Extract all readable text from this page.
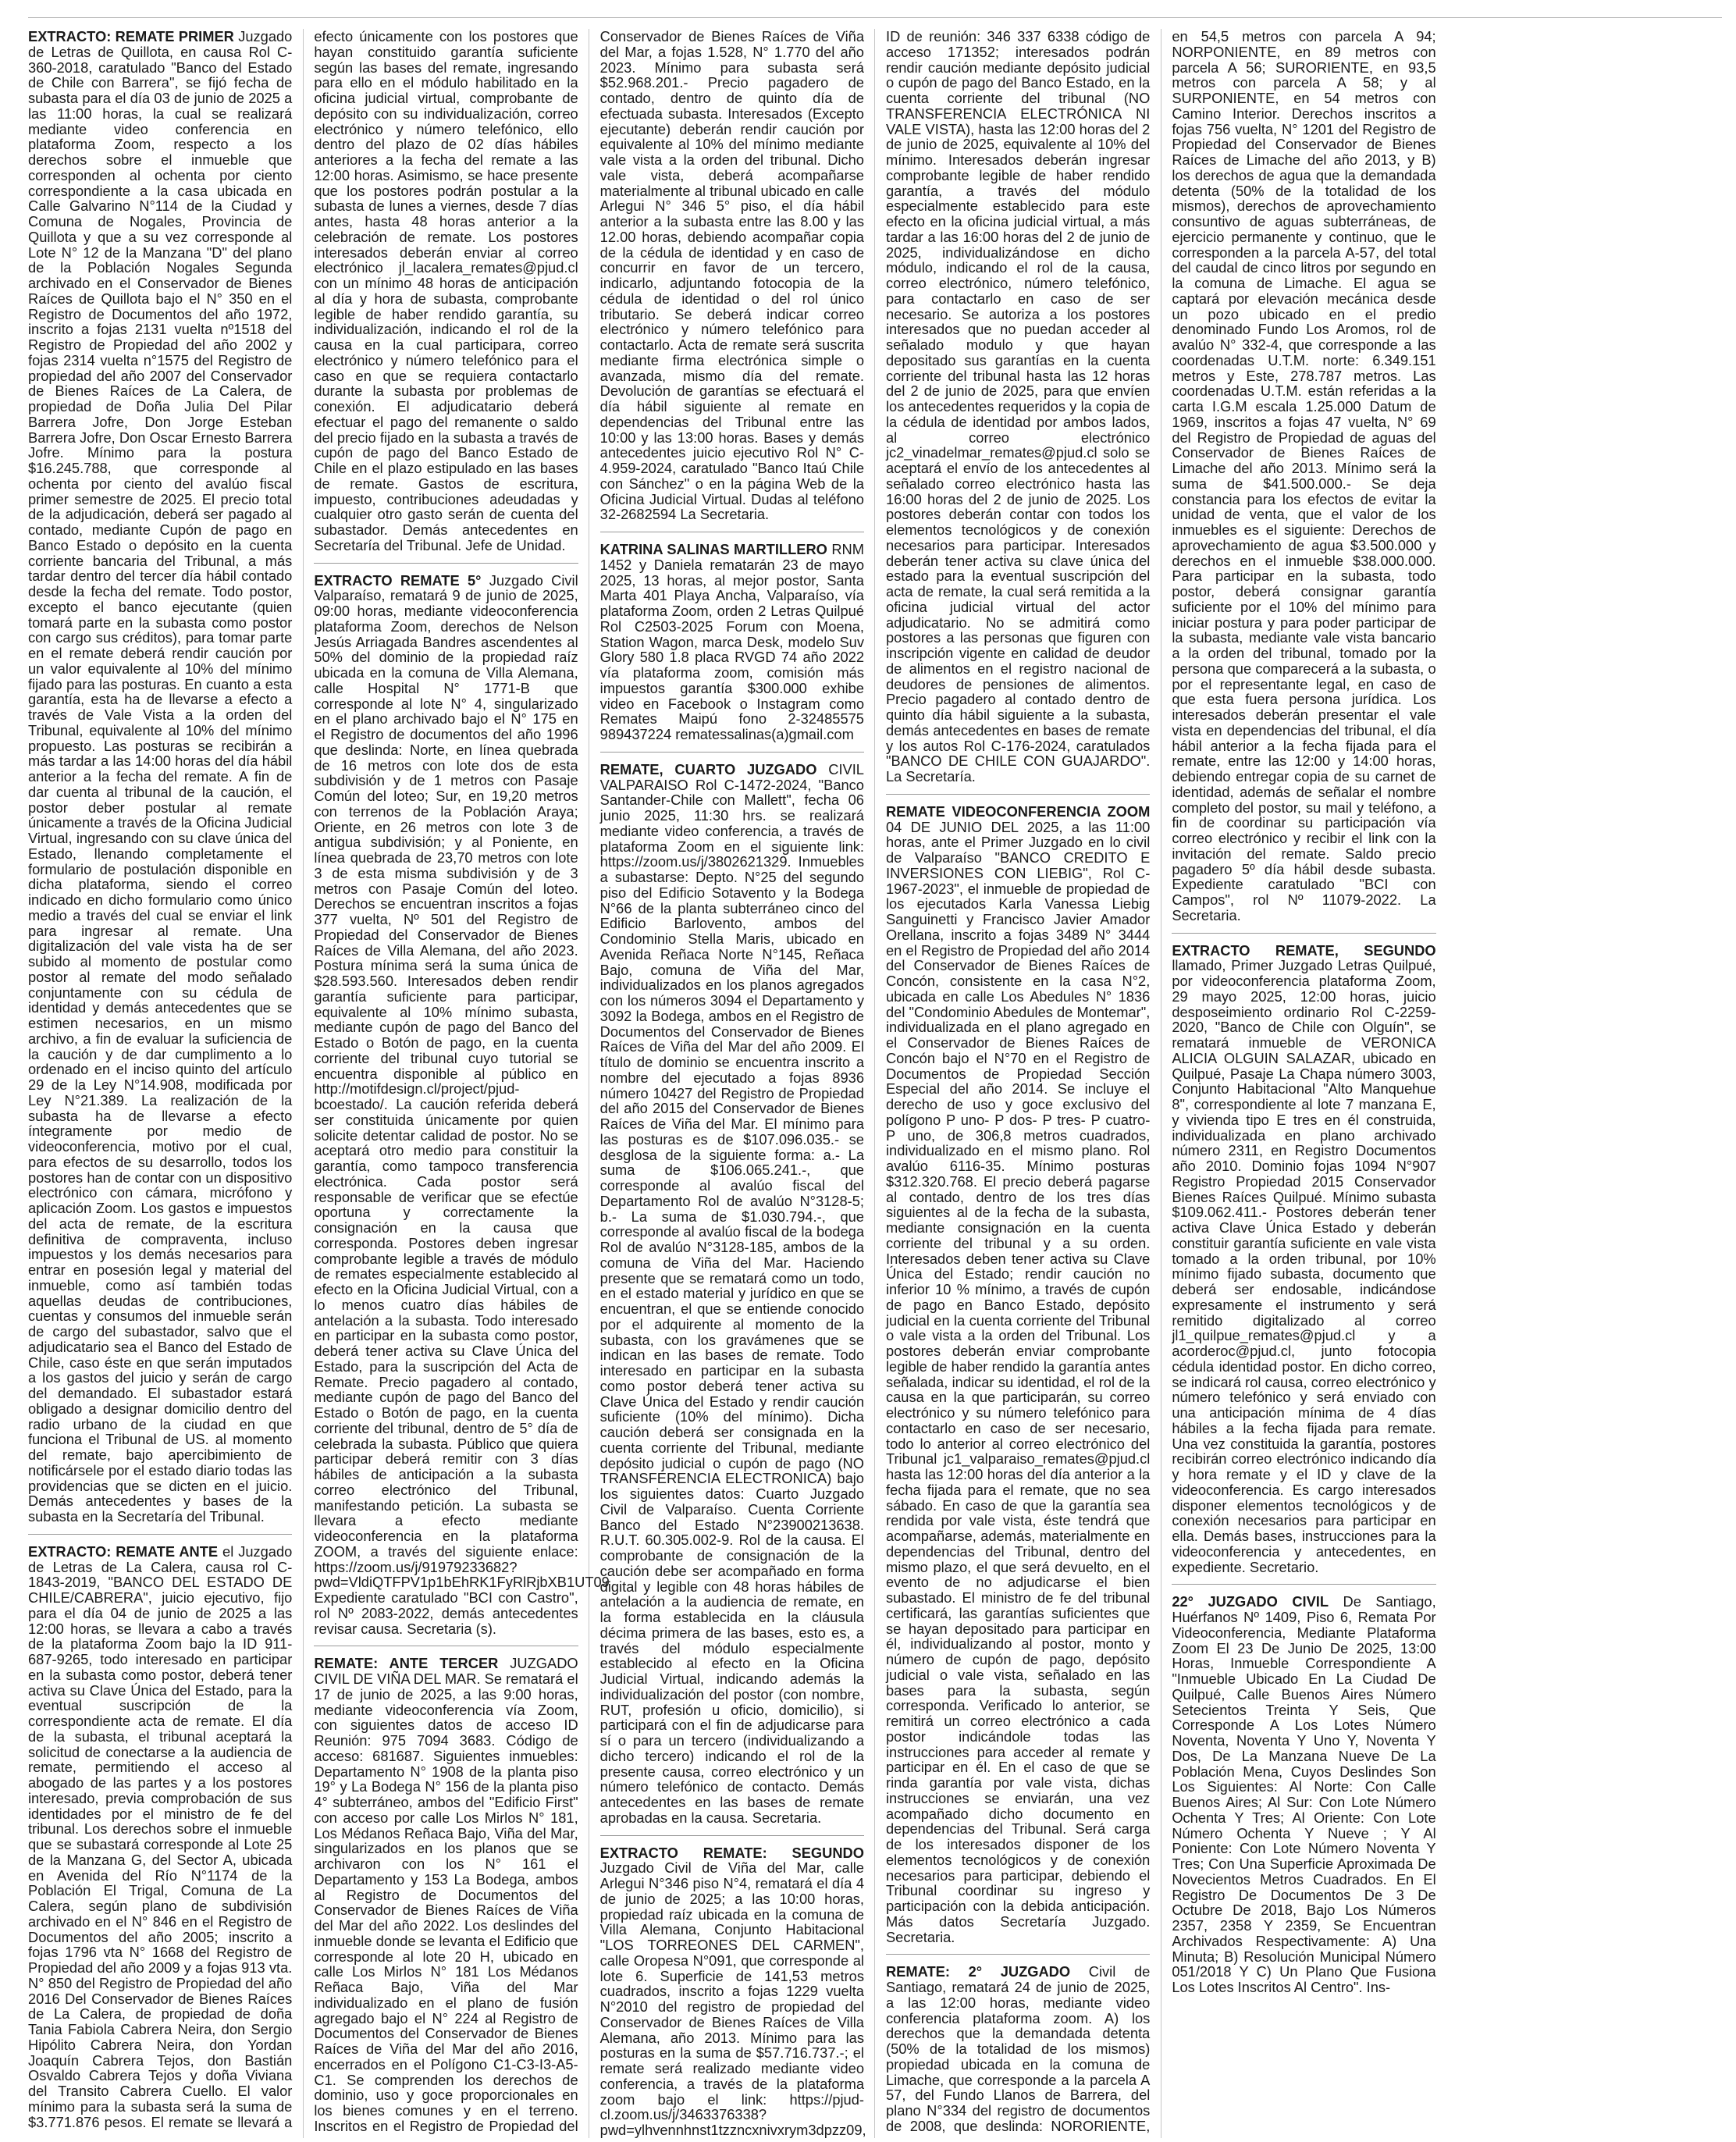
EXTRACTO: REMATE PRIMER Juzgado de Letras de Quillota, en causa Rol C-360-2018, caratulado "Banco del Estado de Chile con Barrera", se fijó fecha de subasta para el día 03 de junio de 2025 a las 11:00 horas, la cual se realizará mediante video conferencia en plataforma Zoom, respecto a los derechos sobre el inmueble que corresponden al ochenta por ciento correspondiente a la casa ubicada en Calle Galvarino N°114 de la Ciudad y Comuna de Nogales, Provincia de Quillota y que a su vez corresponde al Lote N° 12 de la Manzana "D" del plano de la Población Nogales Segunda archivado en el Conservador de Bienes Raíces de Quillota bajo el N° 350 en el Registro de Documentos del año 1972, inscrito a fojas 2131 vuelta nº1518 del Registro de Propiedad del año 2002 y fojas 2314 vuelta n°1575 del Registro de propiedad del año 2007 del Conservador de Bienes Raíces de La Calera, de propiedad de Doña Julia Del Pilar Barrera Jofre, Don Jorge Esteban Barrera Jofre, Don Oscar Ernesto Barrera Jofre. Mínimo para la postura $16.245.788, que corresponde al ochenta por ciento del avalúo fiscal primer semestre de 2025. El precio total de la adjudicación, deberá ser pagado al contado, mediante Cupón de pago en Banco Estado o depósito en la cuenta corriente bancaria del Tribunal, a más tardar dentro del tercer día hábil contado desde la fecha del remate. Todo postor, excepto el banco ejecutante (quien tomará parte en la subasta como postor con cargo sus créditos), para tomar parte en el remate deberá rendir caución por un valor equivalente al 10% del mínimo fijado para las posturas. En cuanto a esta garantía, esta ha de llevarse a efecto a través de Vale Vista a la orden del Tribunal, equivalente al 10% del mínimo propuesto. Las posturas se recibirán a más tardar a las 14:00 horas del día hábil anterior a la fecha del remate. A fin de dar cuenta al tribunal de la caución, el postor deber postular al remate únicamente a través de la Oficina Judicial Virtual, ingresando con su clave única del Estado, llenando completamente el formulario de postulación disponible en dicha plataforma, siendo el correo indicado en dicho formulario como único medio a través del cual se enviar el link para ingresar al remate. Una digitalización del vale vista ha de ser subido al momento de postular como postor al remate del modo señalado conjuntamente con su cédula de identidad y demás antecedentes que se estimen necesarios, en un mismo archivo, a fin de evaluar la suficiencia de la caución y de dar cumplimento a lo ordenado en el inciso quinto del artículo 29 de la Ley N°14.908, modificada por Ley N°21.389. La realización de la subasta ha de llevarse a efecto íntegramente por medio de videoconferencia, motivo por el cual, para efectos de su desarrollo, todos los postores han de contar con un dispositivo electrónico con cámara, micrófono y aplicación Zoom. Los gastos e impuestos del acta de remate, de la escritura definitiva de compraventa, incluso impuestos y los demás necesarios para entrar en posesión legal y material del inmueble, como así también todas aquellas deudas de contribuciones, cuentas y consumos del inmueble serán de cargo del subastador, salvo que el adjudicatario sea el Banco del Estado de Chile, caso éste en que serán imputados a los gastos del juicio y serán de cargo del demandado. El subastador estará obligado a designar domicilio dentro del radio urbano de la ciudad en que funciona el Tribunal de US. al momento del remate, bajo apercibimiento de notificársele por el estado diario todas las providencias que se dicten en el juicio. Demás antecedentes y bases de la subasta en la Secretaría del Tribunal.

EXTRACTO: REMATE ANTE el Juzgado de Letras de La Calera, causa rol C-1843-2019, "BANCO DEL ESTADO DE CHILE/CABRERA", juicio ejecutivo, fijo para el día 04 de junio de 2025 a las 12:00 horas, se llevara a cabo a través de la plataforma Zoom bajo la ID 911-687-9265, todo interesado en participar en la subasta como postor, deberá tener activa su Clave Única del Estado, para la eventual suscripción de la correspondiente acta de remate. El día de la subasta, el tribunal aceptará la solicitud de conectarse a la audiencia de remate, permitiendo el acceso al abogado de las partes y a los postores interesado, previa comprobación de sus identidades por el ministro de fe del tribunal. Los derechos sobre el inmueble que se subastará corresponde al Lote 25 de la Manzana G, del Sector A, ubicada en Avenida del Río N°1174 de la Población El Trigal, Comuna de La Calera, según plano de subdivisión archivado en el N° 846 en el Registro de Documentos del año 2005; inscrito a fojas 1796 vta N° 1668 del Registro de Propiedad del año 2009 y a fojas 913 vta. N° 850 del Registro de Propiedad del año 2016 Del Conservador de Bienes Raíces de La Calera, de propiedad de doña Tania Fabiola Cabrera Neira, don Sergio Hipólito Cabrera Neira, don Yordan Joaquín Cabrera Tejos, don Bastián Osvaldo Cabrera Tejos y doña Viviana del Transito Cabrera Cuello. El valor mínimo para la subasta será la suma de $3.771.876 pesos. El remate se llevará a efecto únicamente con los postores que hayan constituido garantía suficiente según las bases del remate, ingresando para ello en el módulo habilitado en la oficina judicial virtual, comprobante de depósito con su individualización, correo electrónico y número telefónico, ello dentro del plazo de 02 días hábiles anteriores a la fecha del remate a las 12:00 horas. Asimismo, se hace presente que los postores podrán postular a la subasta de lunes a viernes, desde 7 días antes, hasta 48 horas anterior a la celebración de remate. Los postores interesados deberán enviar al correo electrónico jl_lacalera_remates@pjud.cl con un mínimo 48 horas de anticipación al día y hora de subasta, comprobante legible de haber rendido garantía, su individualización, indicando el rol de la causa en la cual participara, correo electrónico y número telefónico para el caso en que se requiera contactarlo durante la subasta por problemas de conexión. El adjudicatario deberá efectuar el pago del remanente o saldo del precio fijado en la subasta a través de cupón de pago del Banco Estado de Chile en el plazo estipulado en las bases de remate. Gastos de escritura, impuesto, contribuciones adeudadas y cualquier otro gasto serán de cuenta del subastador. Demás antecedentes en Secretaría del Tribunal. Jefe de Unidad.

EXTRACTO REMATE 5° Juzgado Civil Valparaíso, rematará 9 de junio de 2025, 09:00 horas, mediante videoconferencia plataforma Zoom, derechos de Nelson Jesús Arriagada Bandres ascendentes al 50% del dominio de la propiedad raíz ubicada en la comuna de Villa Alemana, calle Hospital N° 1771-B que corresponde al lote N° 4, singularizado en el plano archivado bajo el N° 175 en el Registro de documentos del año 1996 que deslinda: Norte, en línea quebrada de 16 metros con lote dos de esta subdivisión y de 1 metros con Pasaje Común del loteo; Sur, en 19,20 metros con terrenos de la Población Araya; Oriente, en 26 metros con lote 3 de antigua subdivisión; y al Poniente, en línea quebrada de 23,70 metros con lote 3 de esta misma subdivisión y de 3 metros con Pasaje Común del loteo. Derechos se encuentran inscritos a fojas 377 vuelta, Nº 501 del Registro de Propiedad del Conservador de Bienes Raíces de Villa Alemana, del año 2023. Postura mínima será la suma única de $28.593.560. Interesados deben rendir garantía suficiente para participar, equivalente al 10% mínimo subasta, mediante cupón de pago del Banco del Estado o Botón de pago, en la cuenta corriente del tribunal cuyo tutorial se encuentra disponible al público en http://motifdesign.cl/project/pjud-bcoestado/. La caución referida deberá ser constituida únicamente por quien solicite detentar calidad de postor. No se aceptará otro medio para constituir la garantía, como tampoco transferencia electrónica. Cada postor será responsable de verificar que se efectúe oportuna y correctamente la consignación en la causa que corresponda. Postores deben ingresar comprobante legible a través de módulo de remates especialmente establecido al efecto en la Oficina Judicial Virtual, con a lo menos cuatro días hábiles de antelación a la subasta. Todo interesado en participar en la subasta como postor, deberá tener activa su Clave Única del Estado, para la suscripción del Acta de Remate. Precio pagadero al contado, mediante cupón de pago del Banco del Estado o Botón de pago, en la cuenta corriente del tribunal, dentro de 5° día de celebrada la subasta. Público que quiera participar deberá remitir con 3 días hábiles de anticipación a la subasta correo electrónico del Tribunal, manifestando petición. La subasta se llevara a efecto mediante videoconferencia en la plataforma ZOOM, a través del siguiente enlace: https://zoom.us/j/91979233682?pwd=VldiQTFPV1p1bEhRK1FyRlRjbXB1UT09 Expediente caratulado "BCI con Castro", rol Nº 2083-2022, demás antecedentes revisar causa. Secretaria (s).

REMATE: ANTE TERCER JUZGADO CIVIL DE VIÑA DEL MAR. Se rematará el 17 de junio de 2025, a las 9:00 horas, mediante videoconferencia vía Zoom, con siguientes datos de acceso ID Reunión: 975 7094 3683. Código de acceso: 681687. Siguientes inmuebles: Departamento N° 1908 de la planta piso 19° y La Bodega N° 156 de la planta piso 4° subterráneo, ambos del "Edificio First" con acceso por calle Los Mirlos N° 181, Los Médanos Reñaca Bajo, Viña del Mar, singularizados en los planos que se archivaron con los N° 161 el Departamento y 153 La Bodega, ambos al Registro de Documentos del Conservador de Bienes Raíces de Viña del Mar del año 2022. Los deslindes del inmueble donde se levanta el Edificio que corresponde al lote 20 H, ubicado en calle Los Mirlos N° 181 Los Médanos Reñaca Bajo, Viña del Mar individualizado en el plano de fusión agregado bajo el N° 224 al Registro de Documentos del Conservador de Bienes Raíces de Viña del Mar del año 2016, encerrados en el Polígono C1-C3-I3-A5-C1. Se comprenden los derechos de dominio, uso y goce proporcionales en los bienes comunes y en el terreno. Inscritos en el Registro de Propiedad del Conservador de Bienes Raíces de Viña del Mar, a fojas 1.528, N° 1.770 del año 2023. Mínimo para subasta será $52.968.201.- Precio pagadero de contado, dentro de quinto día de efectuada subasta. Interesados (Excepto ejecutante) deberán rendir caución por equivalente al 10% del mínimo mediante vale vista a la orden del tribunal. Dicho vale vista, deberá acompañarse materialmente al tribunal ubicado en calle Arlegui N° 346 5° piso, el día hábil anterior a la subasta entre las 8.00 y las 12.00 horas, debiendo acompañar copia de la cédula de identidad y en caso de concurrir en favor de un tercero, indicarlo, adjuntando fotocopia de la cédula de identidad o del rol único tributario. Se deberá indicar correo electrónico y número telefónico para contactarlo. Acta de remate será suscrita mediante firma electrónica simple o avanzada, mismo día del remate. Devolución de garantías se efectuará el día hábil siguiente al remate en dependencias del Tribunal entre las 10:00 y las 13:00 horas. Bases y demás antecedentes juicio ejecutivo Rol N° C-4.959-2024, caratulado "Banco Itaú Chile con Sánchez" o en la página Web de la Oficina Judicial Virtual. Dudas al teléfono 32-2682594 La Secretaria.

KATRINA SALINAS MARTILLERO RNM 1452 y Daniela rematarán 23 de mayo 2025, 13 horas, al mejor postor, Santa Marta 401 Playa Ancha, Valparaíso, vía plataforma Zoom, orden 2 Letras Quilpué Rol C2503-2025 Forum con Moena, Station Wagon, marca Desk, modelo Suv Glory 580 1.8 placa RVGD 74 año 2022 vía plataforma zoom, comisión más impuestos garantía $300.000 exhibe video en Facebook o Instagram como Remates Maipú fono 2-32485575 989437224 rematessalinas(a)gmail.com

REMATE, CUARTO JUZGADO CIVIL VALPARAISO Rol C-1472-2024, "Banco Santander-Chile con Mallett", fecha 06 junio 2025, 11:30 hrs. se realizará mediante video conferencia, a través de plataforma Zoom en el siguiente link: https://zoom.us/j/3802621329. Inmuebles a subastarse: Depto. N°25 del segundo piso del Edificio Sotavento y la Bodega N°66 de la planta subterráneo cinco del Edificio Barlovento, ambos del Condominio Stella Maris, ubicado en Avenida Reñaca Norte N°145, Reñaca Bajo, comuna de Viña del Mar, individualizados en los planos agregados con los números 3094 el Departamento y 3092 la Bodega, ambos en el Registro de Documentos del Conservador de Bienes Raíces de Viña del Mar del año 2009. El título de dominio se encuentra inscrito a nombre del ejecutado a fojas 8936 número 10427 del Registro de Propiedad del año 2015 del Conservador de Bienes Raíces de Viña del Mar. El mínimo para las posturas es de $107.096.035.- se desglosa de la siguiente forma: a.- La suma de $106.065.241.-, que corresponde al avalúo fiscal del Departamento Rol de avalúo N°3128-5; b.- La suma de $1.030.794.-, que corresponde al avalúo fiscal de la bodega Rol de avalúo N°3128-185, ambos de la comuna de Viña del Mar. Haciendo presente que se rematará como un todo, en el estado material y jurídico en que se encuentran, el que se entiende conocido por el adquirente al momento de la subasta, con los gravámenes que se indican en las bases de remate. Todo interesado en participar en la subasta como postor deberá tener activa su Clave Única del Estado y rendir caución suficiente (10% del mínimo). Dicha caución deberá ser consignada en la cuenta corriente del Tribunal, mediante depósito judicial o cupón de pago (NO TRANSFERENCIA ELECTRONICA) bajo los siguientes datos: Cuarto Juzgado Civil de Valparaíso. Cuenta Corriente Banco del Estado N°23900213638. R.U.T. 60.305.002-9. Rol de la causa. El comprobante de consignación de la caución debe ser acompañado en forma digital y legible con 48 horas hábiles de antelación a la audiencia de remate, en la forma establecida en la cláusula décima primera de las bases, esto es, a través del módulo especialmente establecido al efecto en la Oficina Judicial Virtual, indicando además la individualización del postor (con nombre, RUT, profesión u oficio, domicilio), si participará con el fin de adjudicarse para sí o para un tercero (individualizando a dicho tercero) indicando el rol de la presente causa, correo electrónico y un número telefónico de contacto. Demás antecedentes en las bases de remate aprobadas en la causa. Secretaria.

EXTRACTO REMATE: SEGUNDO Juzgado Civil de Viña del Mar, calle Arlegui N°346 piso N°4, rematará el día 4 de junio de 2025; a las 10:00 horas, propiedad raíz ubicada en la comuna de Villa Alemana, Conjunto Habitacional "LOS TORREONES DEL CARMEN", calle Oropesa N°091, que corresponde al lote 6. Superficie de 141,53 metros cuadrados, inscrito a fojas 1229 vuelta N°2010 del registro de propiedad del Conservador de Bienes Raíces de Villa Alemana, año 2013. Mínimo para las posturas en la suma de $57.716.737.-; el remate será realizado mediante video conferencia, a través de la plataforma zoom bajo el link: https://pjud-cl.zoom.us/j/3463376338?pwd=ylhvennhnst1tzzncxnivxrym3dpzz09, ID de reunión: 346 337 6338 código de acceso 171352; interesados podrán rendir caución mediante depósito judicial o cupón de pago del Banco Estado, en la cuenta corriente del tribunal (NO TRANSFERENCIA ELECTRÓNICA NI VALE VISTA), hasta las 12:00 horas del 2 de junio de 2025, equivalente al 10% del mínimo. Interesados deberán ingresar comprobante legible de haber rendido garantía, a través del módulo especialmente establecido para este efecto en la oficina judicial virtual, a más tardar a las 16:00 horas del 2 de junio de 2025, individualizándose en dicho módulo, indicando el rol de la causa, correo electrónico, número telefónico, para contactarlo en caso de ser necesario. Se autoriza a los postores interesados que no puedan acceder al señalado modulo y que hayan depositado sus garantías en la cuenta corriente del tribunal hasta las 12 horas del 2 de junio de 2025, para que envíen los antecedentes requeridos y la copia de la cédula de identidad por ambos lados, al correo electrónico jc2_vinadelmar_remates@pjud.cl solo se aceptará el envío de los antecedentes al señalado correo electrónico hasta las 16:00 horas del 2 de junio de 2025. Los postores deberán contar con todos los elementos tecnológicos y de conexión necesarios para participar. Interesados deberán tener activa su clave única del estado para la eventual suscripción del acta de remate, la cual será remitida a la oficina judicial virtual del actor adjudicatario. No se admitirá como postores a las personas que figuren con inscripción vigente en calidad de deudor de alimentos en el registro nacional de deudores de pensiones de alimentos. Precio pagadero al contado dentro de quinto día hábil siguiente a la subasta, demás antecedentes en bases de remate y los autos Rol C-176-2024, caratulados "BANCO DE CHILE CON GUAJARDO". La Secretaría.

REMATE VIDEOCONFERENCIA ZOOM 04 DE JUNIO DEL 2025, a las 11:00 horas, ante el Primer Juzgado en lo civil de Valparaíso "BANCO CREDITO E INVERSIONES CON LIEBIG", Rol C-1967-2023", el inmueble de propiedad de los ejecutados Karla Vanessa Liebig Sanguinetti y Francisco Javier Amador Orellana, inscrito a fojas 3489 N° 3444 en el Registro de Propiedad del año 2014 del Conservador de Bienes Raíces de Concón, consistente en la casa N°2, ubicada en calle Los Abedules N° 1836 del "Condominio Abedules de Montemar", individualizada en el plano agregado en el Conservador de Bienes Raíces de Concón bajo el N°70 en el Registro de Documentos de Propiedad Sección Especial del año 2014. Se incluye el derecho de uso y goce exclusivo del polígono P uno- P dos- P tres- P cuatro- P uno, de 306,8 metros cuadrados, individualizado en el mismo plano. Rol avalúo 6116-35. Mínimo posturas $312.320.768. El precio deberá pagarse al contado, dentro de los tres días siguientes al de la fecha de la subasta, mediante consignación en la cuenta corriente del tribunal y a su orden. Interesados deben tener activa su Clave Única del Estado; rendir caución no inferior 10 % mínimo, a través de cupón de pago en Banco Estado, depósito judicial en la cuenta corriente del Tribunal o vale vista a la orden del Tribunal. Los postores deberán enviar comprobante legible de haber rendido la garantía antes señalada, indicar su identidad, el rol de la causa en la que participarán, su correo electrónico y su número telefónico para contactarlo en caso de ser necesario, todo lo anterior al correo electrónico del Tribunal jc1_valparaiso_remates@pjud.cl hasta las 12:00 horas del día anterior a la fecha fijada para el remate, que no sea sábado. En caso de que la garantía sea rendida por vale vista, éste tendrá que acompañarse, además, materialmente en dependencias del Tribunal, dentro del mismo plazo, el que será devuelto, en el evento de no adjudicarse el bien subastado. El ministro de fe del tribunal certificará, las garantías suficientes que se hayan depositado para participar en él, individualizando al postor, monto y número de cupón de pago, depósito judicial o vale vista, señalado en las bases para la subasta, según corresponda. Verificado lo anterior, se remitirá un correo electrónico a cada postor indicándole todas las instrucciones para acceder al remate y participar en él. En el caso de que se rinda garantía por vale vista, dichas instrucciones se enviarán, una vez acompañado dicho documento en dependencias del Tribunal. Será carga de los interesados disponer de los elementos tecnológicos y de conexión necesarios para participar, debiendo el Tribunal coordinar su ingreso y participación con la debida anticipación. Más datos Secretaría Juzgado. Secretaria.

REMATE: 2° JUZGADO Civil de Santiago, rematará 24 de junio de 2025, a las 12:00 horas, mediante video conferencia plataforma zoom. A) los derechos que la demandada detenta (50% de la totalidad de los mismos) propiedad ubicada en la comuna de Limache, que corresponde a la parcela A 57, del Fundo Llanos de Barrera, del plano N°334 del registro de documentos de 2008, que deslinda: NORORIENTE, en 54,5 metros con parcela A 94; NORPONIENTE, en 89 metros con parcela A 56; SURORIENTE, en 93,5 metros con parcela A 58; y al SURPONIENTE, en 54 metros con Camino Interior. Derechos inscritos a fojas 756 vuelta, N° 1201 del Registro de Propiedad del Conservador de Bienes Raíces de Limache del año 2013, y B) los derechos de agua que la demandada detenta (50% de la totalidad de los mismos), derechos de aprovechamiento consuntivo de aguas subterráneas, de ejercicio permanente y continuo, que le corresponden a la parcela A-57, del total del caudal de cinco litros por segundo en la comuna de Limache. El agua se captará por elevación mecánica desde un pozo ubicado en el predio denominado Fundo Los Aromos, rol de avalúo N° 332-4, que corresponde a las coordenadas U.T.M. norte: 6.349.151 metros y Este, 278.787 metros. Las coordenadas U.T.M. están referidas a la carta I.G.M escala 1.25.000 Datum de 1969, inscritos a fojas 47 vuelta, N° 69 del Registro de Propiedad de aguas del Conservador de Bienes Raíces de Limache del año 2013. Mínimo será la suma de $41.500.000.- Se deja constancia para los efectos de evitar la unidad de venta, que el valor de los inmuebles es el siguiente: Derechos de aprovechamiento de agua $3.500.000 y derechos en el inmueble $38.000.000. Para participar en la subasta, todo postor, deberá consignar garantía suficiente por el 10% del mínimo para iniciar postura y para poder participar de la subasta, mediante vale vista bancario a la orden del tribunal, tomado por la persona que comparecerá a la subasta, o por el representante legal, en caso de que esta fuera persona jurídica. Los interesados deberán presentar el vale vista en dependencias del tribunal, el día hábil anterior a la fecha fijada para el remate, entre las 12:00 y 14:00 horas, debiendo entregar copia de su carnet de identidad, además de señalar el nombre completo del postor, su mail y teléfono, a fin de coordinar su participación vía correo electrónico y recibir el link con la invitación del remate. Saldo precio pagadero 5º día hábil desde subasta. Expediente caratulado "BCI con Campos", rol Nº 11079-2022. La Secretaria.

EXTRACTO REMATE, SEGUNDO llamado, Primer Juzgado Letras Quilpué, por videoconferencia plataforma Zoom, 29 mayo 2025, 12:00 horas, juicio desposeimiento ordinario Rol C-2259-2020, "Banco de Chile con Olguín", se rematará inmueble de VERONICA ALICIA OLGUIN SALAZAR, ubicado en Quilpué, Pasaje La Chapa número 3003, Conjunto Habitacional "Alto Manquehue 8", correspondiente al lote 7 manzana E, y vivienda tipo E tres en él construida, individualizada en plano archivado número 2311, en Registro Documentos año 2010. Dominio fojas 1094 N°907 Registro Propiedad 2015 Conservador Bienes Raíces Quilpué. Mínimo subasta $109.062.411.- Postores deberán tener activa Clave Única Estado y deberán constituir garantía suficiente en vale vista tomado a la orden tribunal, por 10% mínimo fijado subasta, documento que deberá ser endosable, indicándose expresamente el instrumento y será remitido digitalizado al correo jl1_quilpue_remates@pjud.cl y a acorderoc@pjud.cl, junto fotocopia cédula identidad postor. En dicho correo, se indicará rol causa, correo electrónico y número telefónico y será enviado con una anticipación mínima de 4 días hábiles a la fecha fijada para remate. Una vez constituida la garantía, postores recibirán correo electrónico indicando día y hora remate y el ID y clave de la videoconferencia. Es cargo interesados disponer elementos tecnológicos y de conexión necesarios para participar en ella. Demás bases, instrucciones para la videoconferencia y antecedentes, en expediente. Secretario.

22° JUZGADO CIVIL De Santiago, Huérfanos Nº 1409, Piso 6, Remata Por Videoconferencia, Mediante Plataforma Zoom El 23 De Junio De 2025, 13:00 Horas, Inmueble Correspondiente A "Inmueble Ubicado En La Ciudad De Quilpué, Calle Buenos Aires Número Setecientos Treinta Y Seis, Que Corresponde A Los Lotes Número Noventa, Noventa Y Uno Y, Noventa Y Dos, De La Manzana Nueve De La Población Mena, Cuyos Deslindes Son Los Siguientes: Al Norte: Con Calle Buenos Aires; Al Sur: Con Lote Número Ochenta Y Tres; Al Oriente: Con Lote Número Ochenta Y Nueve ; Y Al Poniente: Con Lote Número Noventa Y Tres; Con Una Superficie Aproximada De Novecientos Metros Cuadrados. En El Registro De Documentos De 3 De Octubre De 2018, Bajo Los Números 2357, 2358 Y 2359, Se Encuentran Archivados Respectivamente: A) Una Minuta; B) Resolución Municipal Número 051/2018 Y C) Un Plano Que Fusiona Los Lotes Inscritos Al Centro". Ins-
